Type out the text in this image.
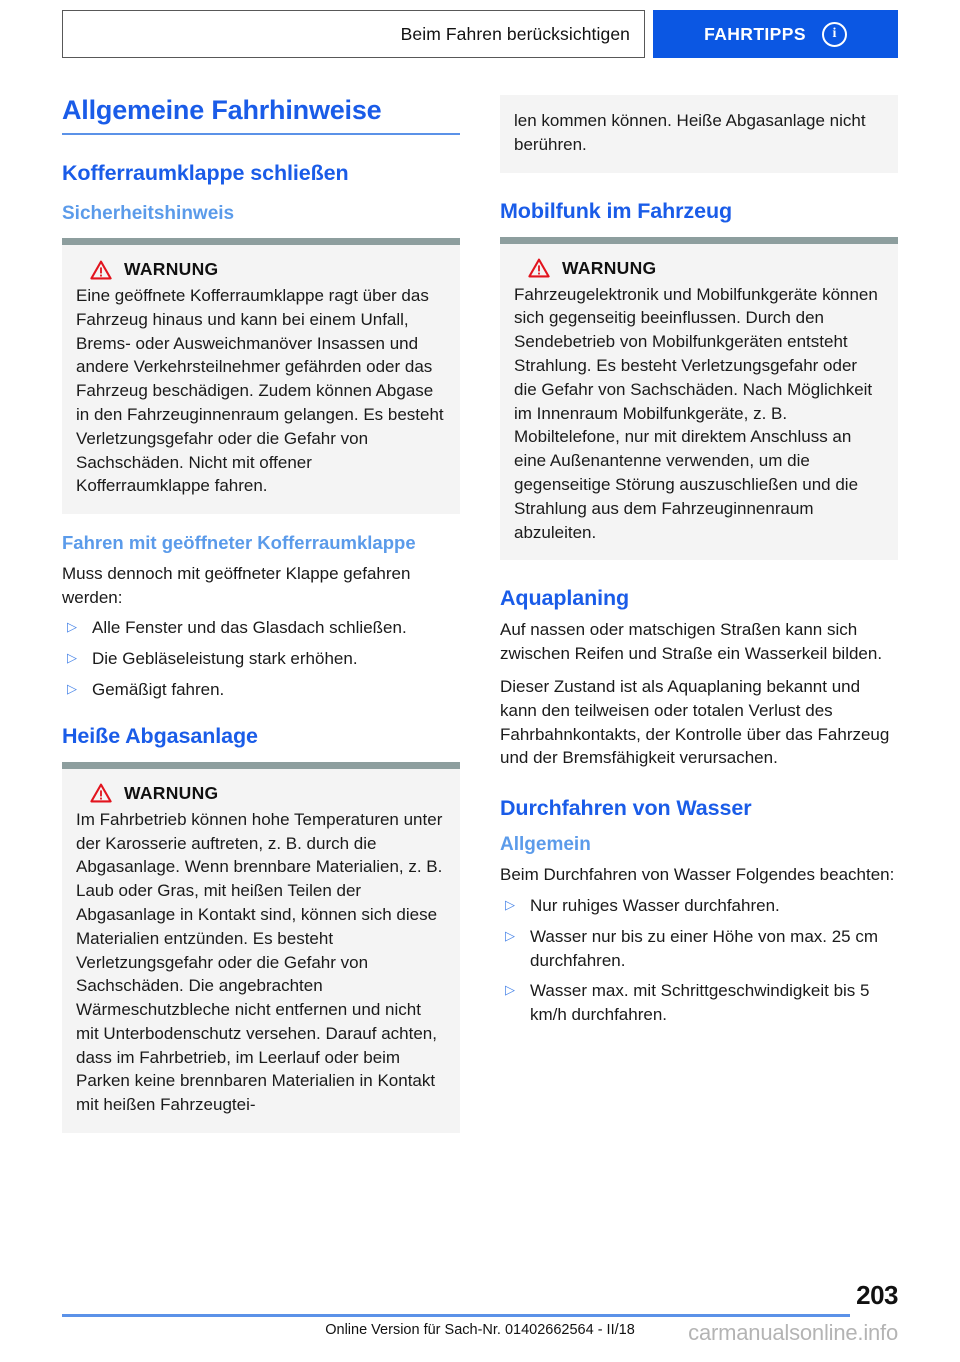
Beim Fahren berücksichtigen	FAHRTIPPS	i
Allgemeine Fahrhinweise
Kofferraumklappe schließen
Sicherheitshinweis
WARNUNG

Eine geöffnete Kofferraumklappe ragt über das Fahrzeug hinaus und kann bei einem Unfall, Brems- oder Ausweichmanöver Insassen und andere Verkehrsteilnehmer gefährden oder das Fahrzeug beschädigen. Zudem können Abgase in den Fahrzeuginnenraum gelangen. Es besteht Verletzungsgefahr oder die Gefahr von Sachschäden. Nicht mit offener Kofferraumklappe fahren.

Fahren mit geöffneter Kofferraumklappe

Muss dennoch mit geöffneter Klappe gefahren werden:

▷ Alle Fenster und das Glasdach schließen.
▷ Die Gebläseleistung stark erhöhen.
▷ Gemäßigt fahren.
Heiße Abgasanlage
WARNUNG

Im Fahrbetrieb können hohe Temperaturen unter der Karosserie auftreten, z. B. durch die Abgasanlage. Wenn brennbare Materialien, z. B. Laub oder Gras, mit heißen Teilen der Abgasanlage in Kontakt sind, können sich diese Materialien entzünden. Es besteht Verletzungsgefahr oder die Gefahr von Sachschäden. Die angebrachten Wärmeschutzbleche nicht entfernen und nicht mit Unterbodenschutz versehen. Darauf achten, dass im Fahrbetrieb, im Leerlauf oder beim Parken keine brennbaren Materialien in Kontakt mit heißen Fahrzeugtei-

len kommen können. Heiße Abgasanlage nicht berühren.

Mobilfunk im Fahrzeug
WARNUNG

Fahrzeugelektronik und Mobilfunkgeräte können sich gegenseitig beeinflussen. Durch den Sendebetrieb von Mobilfunkgeräten entsteht Strahlung. Es besteht Verletzungsgefahr oder die Gefahr von Sachschäden. Nach Möglichkeit im Innenraum Mobilfunkgeräte, z. B. Mobiltelefone, nur mit direktem Anschluss an eine Außenantenne verwenden, um die gegenseitige Störung auszuschließen und die Strahlung aus dem Fahrzeuginnenraum abzuleiten.

Aquaplaning

Auf nassen oder matschigen Straßen kann sich zwischen Reifen und Straße ein Wasserkeil bilden.

Dieser Zustand ist als Aquaplaning bekannt und kann den teilweisen oder totalen Verlust des Fahrbahnkontakts, der Kontrolle über das Fahrzeug und der Bremsfähigkeit verursachen.

Durchfahren von Wasser
Allgemein

Beim Durchfahren von Wasser Folgendes beachten:

▷ Nur ruhiges Wasser durchfahren.
▷ Wasser nur bis zu einer Höhe von max. 25 cm durchfahren.
▷ Wasser max. mit Schrittgeschwindigkeit bis 5 km/h durchfahren.
203
Online Version für Sach-Nr. 01402662564 - II/18	carmanualsonline.info
